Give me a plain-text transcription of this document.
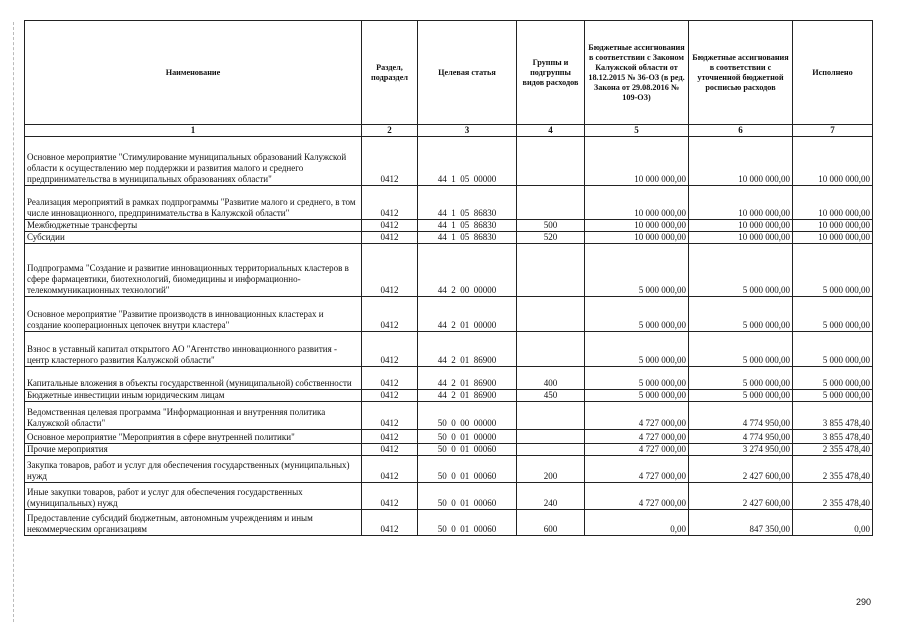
Наименование	Раздел, подраздел	Целевая статья	Группы и подгруппы видов расходов	Бюджетные ассигнования в соответствии с Законом Калужской области от 18.12.2015 № 36-ОЗ (в ред. Закона от 29.08.2016 № 109-ОЗ)	Бюджетные ассигнования в соответствии с уточненной бюджетной росписью расходов	Исполнено
1	2	3	4	5	6	7
Основное мероприятие "Стимулирование муниципальных образований Калужской области к осуществлению мер поддержки и развития малого и среднего предпринимательства в муниципальных образованиях области"	0412	44  1  05  00000		10 000 000,00	10 000 000,00	10 000 000,00
Реализация мероприятий в рамках подпрограммы "Развитие малого и среднего, в том числе инновационного, предпринимательства в Калужской области"	0412	44  1  05  86830		10 000 000,00	10 000 000,00	10 000 000,00
Межбюджетные трансферты	0412	44  1  05  86830	500	10 000 000,00	10 000 000,00	10 000 000,00
Субсидии	0412	44  1  05  86830	520	10 000 000,00	10 000 000,00	10 000 000,00
Подпрограмма "Создание и развитие инновационных территориальных кластеров в сфере фармацевтики, биотехнологий, биомедицины и информационно-телекоммуникационных технологий"	0412	44  2  00  00000		5 000 000,00	5 000 000,00	5 000 000,00
Основное мероприятие "Развитие производств в инновационных кластерах и создание кооперационных цепочек внутри кластера"	0412	44  2  01  00000		5 000 000,00	5 000 000,00	5 000 000,00
Взнос в уставный капитал открытого АО "Агентство инновационного развития - центр кластерного развития Калужской области"	0412	44  2  01  86900		5 000 000,00	5 000 000,00	5 000 000,00
Капитальные вложения в объекты государственной (муниципальной) собственности	0412	44  2  01  86900	400	5 000 000,00	5 000 000,00	5 000 000,00
Бюджетные инвестиции иным юридическим лицам	0412	44  2  01  86900	450	5 000 000,00	5 000 000,00	5 000 000,00
Ведомственная целевая программа "Информационная и внутренняя политика Калужской области"	0412	50  0  00  00000		4 727 000,00	4 774 950,00	3 855 478,40
Основное мероприятие "Мероприятия в сфере внутренней политики"	0412	50  0  01  00000		4 727 000,00	4 774 950,00	3 855 478,40
Прочие мероприятия	0412	50  0  01  00060		4 727 000,00	3 274 950,00	2 355 478,40
Закупка товаров, работ и услуг для обеспечения государственных (муниципальных) нужд	0412	50  0  01  00060	200	4 727 000,00	2 427 600,00	2 355 478,40
Иные закупки товаров, работ и услуг для обеспечения государственных (муниципальных) нужд	0412	50  0  01  00060	240	4 727 000,00	2 427 600,00	2 355 478,40
Предоставление субсидий бюджетным, автономным учреждениям и иным некоммерческим организациям	0412	50  0  01  00060	600	0,00	847 350,00	0,00
290
